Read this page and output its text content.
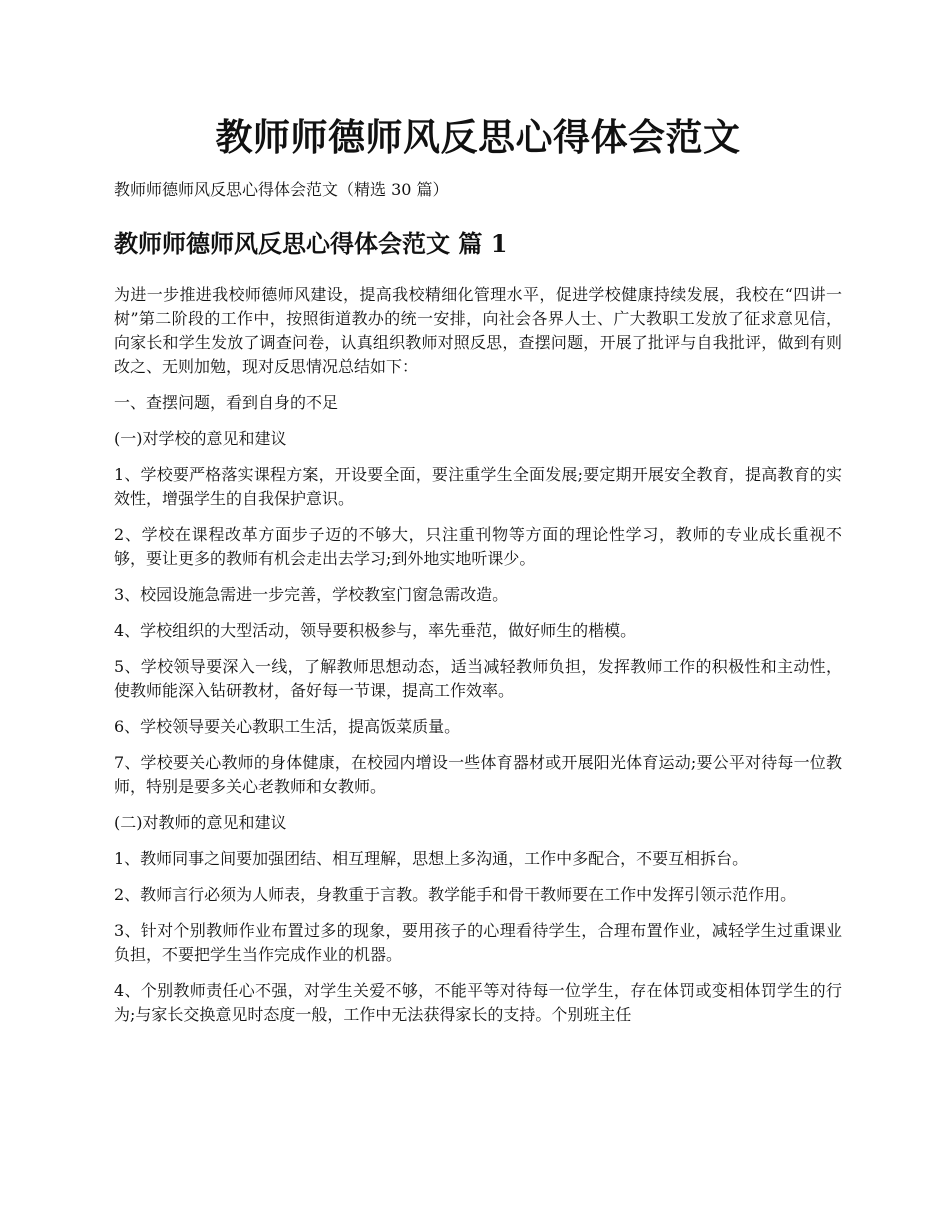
教师师德师风反思心得体会范文

教师师德师风反思心得体会范文（精选 30 篇）

教师师德师风反思心得体会范文 篇 1

为进一步推进我校师德师风建设，提高我校精细化管理水平，促进学校健康持续发展，我校在“四讲一树”第二阶段的工作中，按照街道教办的统一安排，向社会各界人士、广大教职工发放了征求意见信，向家长和学生发放了调查问卷，认真组织教师对照反思，查摆问题，开展了批评与自我批评，做到有则改之、无则加勉，现对反思情况总结如下：

一、查摆问题，看到自身的不足

(一)对学校的意见和建议

1、学校要严格落实课程方案，开设要全面，要注重学生全面发展;要定期开展安全教育，提高教育的实效性，增强学生的自我保护意识。

2、学校在课程改革方面步子迈的不够大，只注重刊物等方面的理论性学习，教师的专业成长重视不够，要让更多的教师有机会走出去学习;到外地实地听课少。

3、校园设施急需进一步完善，学校教室门窗急需改造。

4、学校组织的大型活动，领导要积极参与，率先垂范，做好师生的楷模。

5、学校领导要深入一线，了解教师思想动态，适当减轻教师负担，发挥教师工作的积极性和主动性，使教师能深入钻研教材，备好每一节课，提高工作效率。

6、学校领导要关心教职工生活，提高饭菜质量。

7、学校要关心教师的身体健康，在校园内增设一些体育器材或开展阳光体育运动;要公平对待每一位教师，特别是要多关心老教师和女教师。

(二)对教师的意见和建议

1、教师同事之间要加强团结、相互理解，思想上多沟通，工作中多配合，不要互相拆台。

2、教师言行必须为人师表，身教重于言教。教学能手和骨干教师要在工作中发挥引领示范作用。

3、针对个别教师作业布置过多的现象，要用孩子的心理看待学生，合理布置作业，减轻学生过重课业负担，不要把学生当作完成作业的机器。

4、个别教师责任心不强，对学生关爱不够，不能平等对待每一位学生，存在体罚或变相体罚学生的行为;与家长交换意见时态度一般，工作中无法获得家长的支持。个别班主任
